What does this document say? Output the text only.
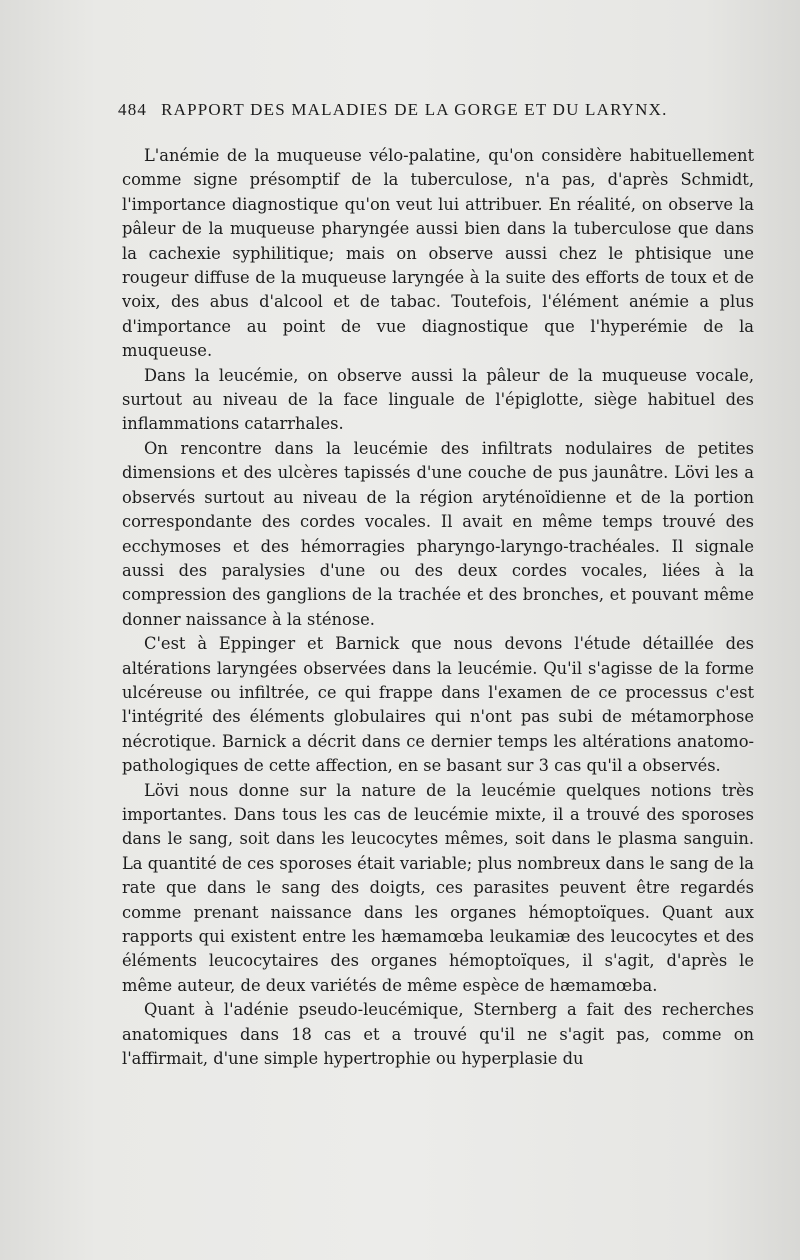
484 RAPPORT DES MALADIES DE LA GORGE ET DU LARYNX.

L'anémie de la muqueuse vélo-palatine, qu'on considère habituellement comme signe présomptif de la tuberculose, n'a pas, d'après Schmidt, l'importance diagnostique qu'on veut lui attribuer. En réalité, on observe la pâleur de la muqueuse pharyngée aussi bien dans la tuberculose que dans la cachexie syphilitique; mais on observe aussi chez le phtisique une rougeur diffuse de la muqueuse laryngée à la suite des efforts de toux et de voix, des abus d'alcool et de tabac. Toutefois, l'élément anémie a plus d'importance au point de vue diagnostique que l'hyperémie de la muqueuse.

Dans la leucémie, on observe aussi la pâleur de la muqueuse vocale, surtout au niveau de la face linguale de l'épiglotte, siège habituel des inflammations catarrhales.

On rencontre dans la leucémie des infiltrats nodulaires de petites dimensions et des ulcères tapissés d'une couche de pus jaunâtre. Lövi les a observés surtout au niveau de la région aryténoïdienne et de la portion correspondante des cordes vocales. Il avait en même temps trouvé des ecchymoses et des hémorragies pharyngo-laryngo-trachéales. Il signale aussi des paralysies d'une ou des deux cordes vocales, liées à la compression des ganglions de la trachée et des bronches, et pouvant même donner naissance à la sténose.

C'est à Eppinger et Barnick que nous devons l'étude détaillée des altérations laryngées observées dans la leucémie. Qu'il s'agisse de la forme ulcéreuse ou infiltrée, ce qui frappe dans l'examen de ce processus c'est l'intégrité des éléments globulaires qui n'ont pas subi de métamorphose nécrotique. Barnick a décrit dans ce dernier temps les altérations anatomo-pathologiques de cette affection, en se basant sur 3 cas qu'il a observés.

Lövi nous donne sur la nature de la leucémie quelques notions très importantes. Dans tous les cas de leucémie mixte, il a trouvé des sporoses dans le sang, soit dans les leucocytes mêmes, soit dans le plasma sanguin. La quantité de ces sporoses était variable; plus nombreux dans le sang de la rate que dans le sang des doigts, ces parasites peuvent être regardés comme prenant naissance dans les organes hémoptoïques. Quant aux rapports qui existent entre les hæmamœba leukamiæ des leucocytes et des éléments leucocytaires des organes hémoptoïques, il s'agit, d'après le même auteur, de deux variétés de même espèce de hæmamœba.

Quant à l'adénie pseudo-leucémique, Sternberg a fait des recherches anatomiques dans 18 cas et a trouvé qu'il ne s'agit pas, comme on l'affirmait, d'une simple hypertrophie ou hyperplasie du
